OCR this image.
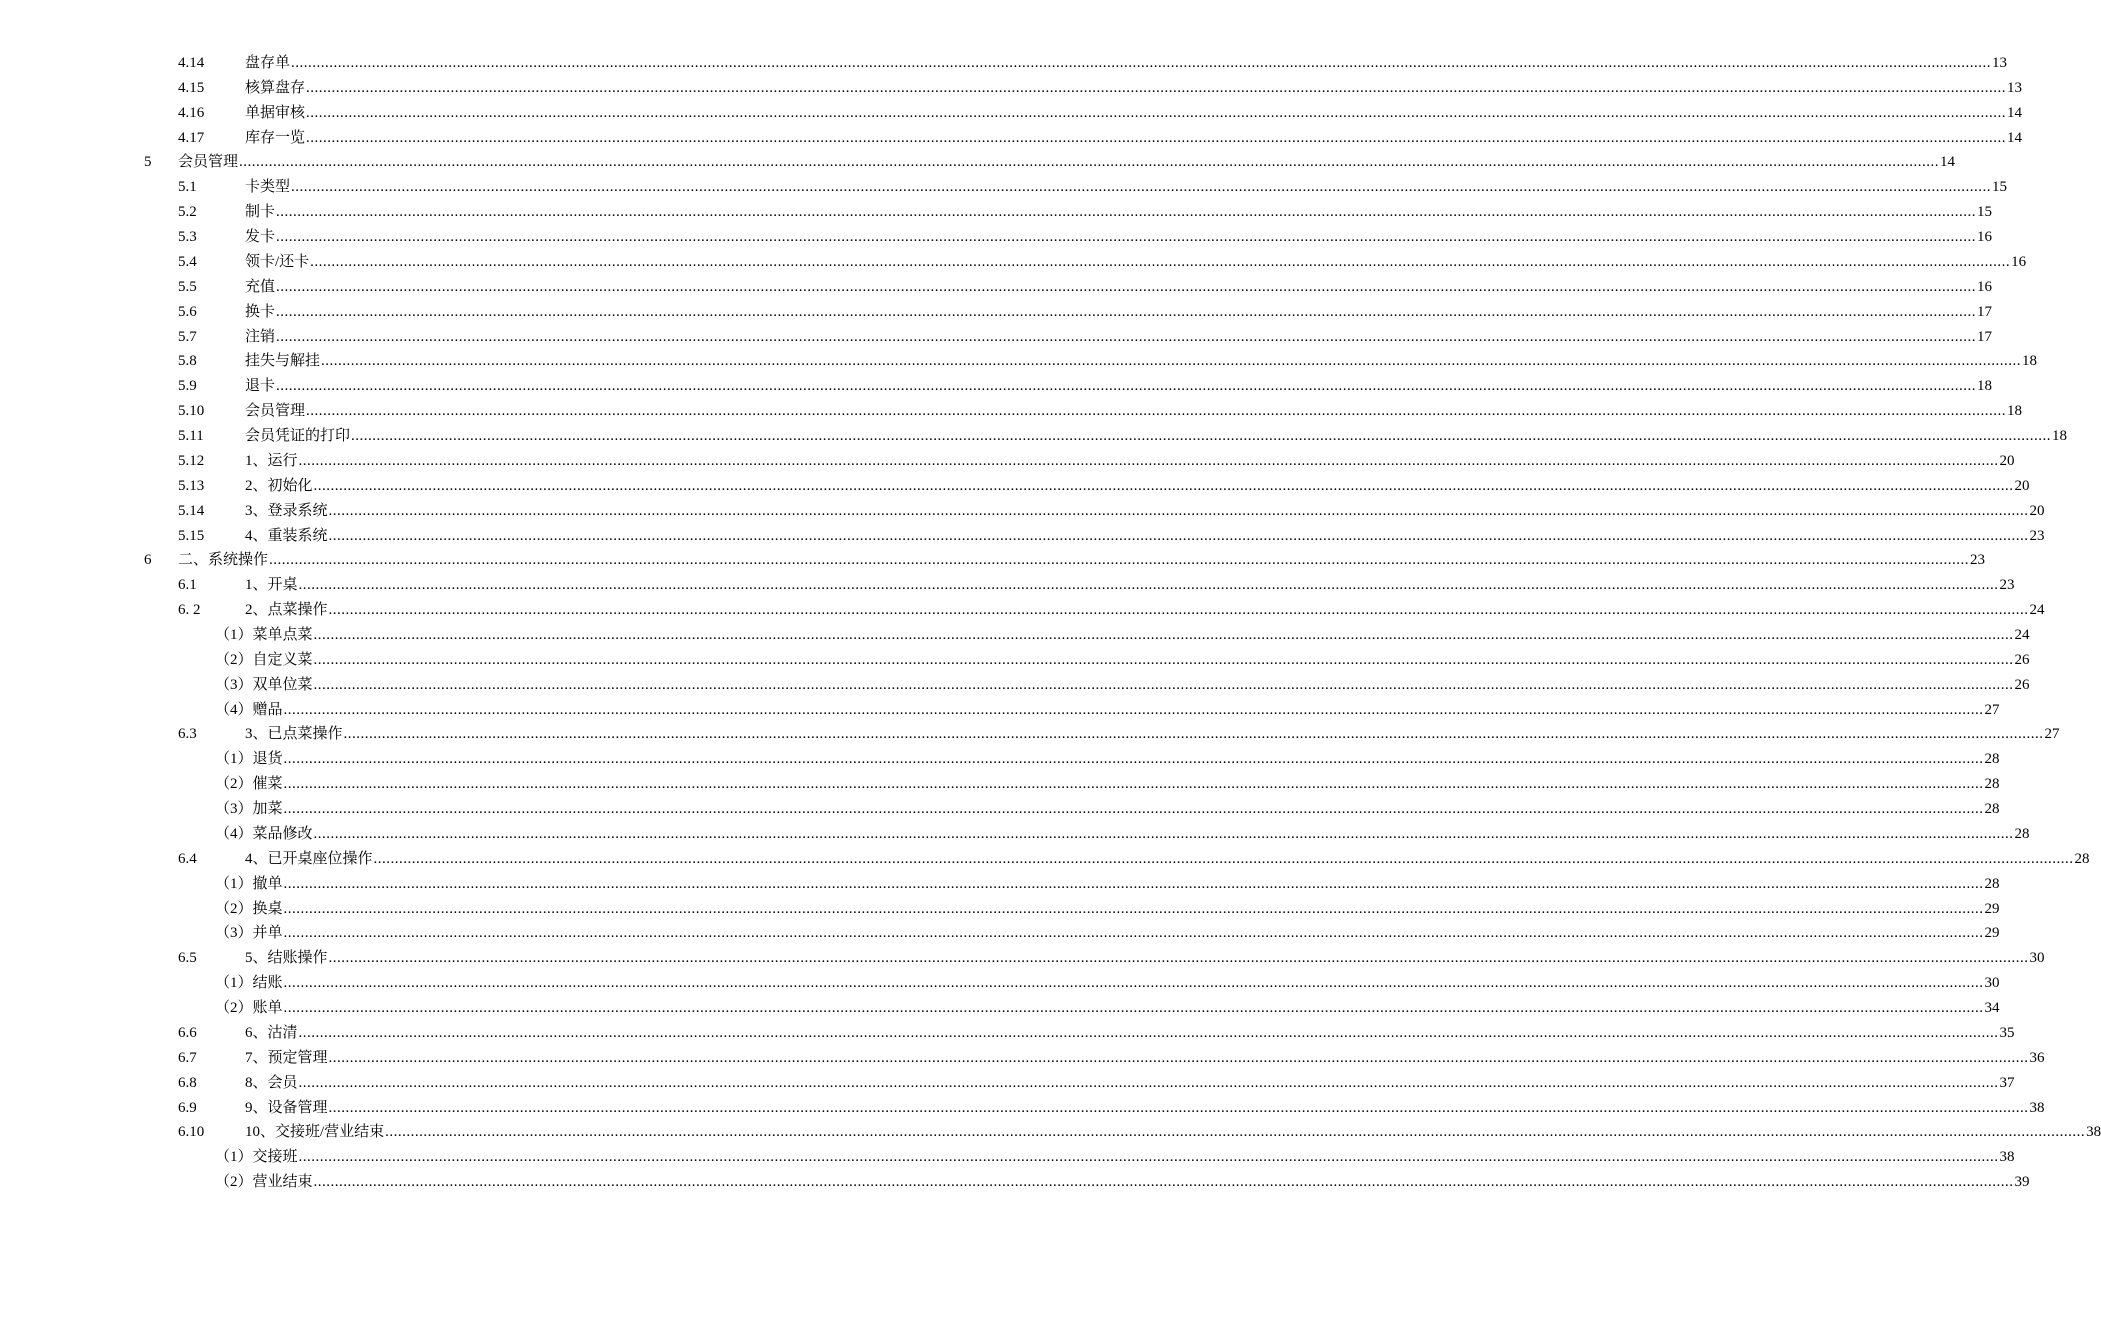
4.14	盘存单 ................................................................................................................................................................................................................................................................................................................................................................................................................ 13
4.15	核算盘存 ................................................................................................................................................................................................................................................................................................................................................................................................................ 13
4.16	单据审核 ................................................................................................................................................................................................................................................................................................................................................................................................................ 14
4.17	库存一览 ................................................................................................................................................................................................................................................................................................................................................................................................................ 14
5 会员管理 ................................................................................................................................................................................................................................................................................................................................................................................................................ 14
5.1	卡类型 ................................................................................................................................................................................................................................................................................................................................................................................................................ 15
5.2	制卡 ................................................................................................................................................................................................................................................................................................................................................................................................................ 15
5.3	发卡 ................................................................................................................................................................................................................................................................................................................................................................................................................ 16
5.4	领卡/还卡 ................................................................................................................................................................................................................................................................................................................................................................................................................ 16
5.5	充值 ................................................................................................................................................................................................................................................................................................................................................................................................................ 16
5.6	换卡 ................................................................................................................................................................................................................................................................................................................................................................................................................ 17
5.7	注销 ................................................................................................................................................................................................................................................................................................................................................................................................................ 17
5.8	挂失与解挂 ................................................................................................................................................................................................................................................................................................................................................................................................................ 18
5.9	退卡 ................................................................................................................................................................................................................................................................................................................................................................................................................ 18
5.10	会员管理 ................................................................................................................................................................................................................................................................................................................................................................................................................ 18
5.11	会员凭证的打印 ................................................................................................................................................................................................................................................................................................................................................................................................................ 18
5.12	1、运行 ................................................................................................................................................................................................................................................................................................................................................................................................................ 20
5.13	2、初始化 ................................................................................................................................................................................................................................................................................................................................................................................................................ 20
5.14	3、登录系统 ................................................................................................................................................................................................................................................................................................................................................................................................................ 20
5.15	4、重装系统 ................................................................................................................................................................................................................................................................................................................................................................................................................ 23
6 二、系统操作 ................................................................................................................................................................................................................................................................................................................................................................................................................ 23
6.1	1、开桌 ................................................................................................................................................................................................................................................................................................................................................................................................................ 23
6. 2	2、点菜操作 ................................................................................................................................................................................................................................................................................................................................................................................................................ 24
（1）菜单点菜 ................................................................................................................................................................................................................................................................................................................................................................................................................ 24
（2）自定义菜 ................................................................................................................................................................................................................................................................................................................................................................................................................ 26
（3）双单位菜 ................................................................................................................................................................................................................................................................................................................................................................................................................ 26
（4）赠品 ................................................................................................................................................................................................................................................................................................................................................................................................................ 27
6.3	3、已点菜操作 ................................................................................................................................................................................................................................................................................................................................................................................................................ 27
（1）退货 ................................................................................................................................................................................................................................................................................................................................................................................................................ 28
（2）催菜 ................................................................................................................................................................................................................................................................................................................................................................................................................ 28
（3）加菜 ................................................................................................................................................................................................................................................................................................................................................................................................................ 28
（4）菜品修改 ................................................................................................................................................................................................................................................................................................................................................................................................................ 28
6.4	4、已开桌座位操作 ................................................................................................................................................................................................................................................................................................................................................................................................................ 28
（1）撤单 ................................................................................................................................................................................................................................................................................................................................................................................................................ 28
（2）换桌 ................................................................................................................................................................................................................................................................................................................................................................................................................ 29
（3）并单 ................................................................................................................................................................................................................................................................................................................................................................................................................ 29
6.5	5、结账操作 ................................................................................................................................................................................................................................................................................................................................................................................................................ 30
（1）结账 ................................................................................................................................................................................................................................................................................................................................................................................................................ 30
（2）账单 ................................................................................................................................................................................................................................................................................................................................................................................................................ 34
6.6	6、沽清 ................................................................................................................................................................................................................................................................................................................................................................................................................ 35
6.7	7、预定管理 ................................................................................................................................................................................................................................................................................................................................................................................................................ 36
6.8	8、会员 ................................................................................................................................................................................................................................................................................................................................................................................................................ 37
6.9	9、设备管理 ................................................................................................................................................................................................................................................................................................................................................................................................................ 38
6.10	10、交接班/营业结束 ................................................................................................................................................................................................................................................................................................................................................................................................................ 38
（1）交接班 ................................................................................................................................................................................................................................................................................................................................................................................................................ 38
（2）营业结束 ................................................................................................................................................................................................................................................................................................................................................................................................................ 39
